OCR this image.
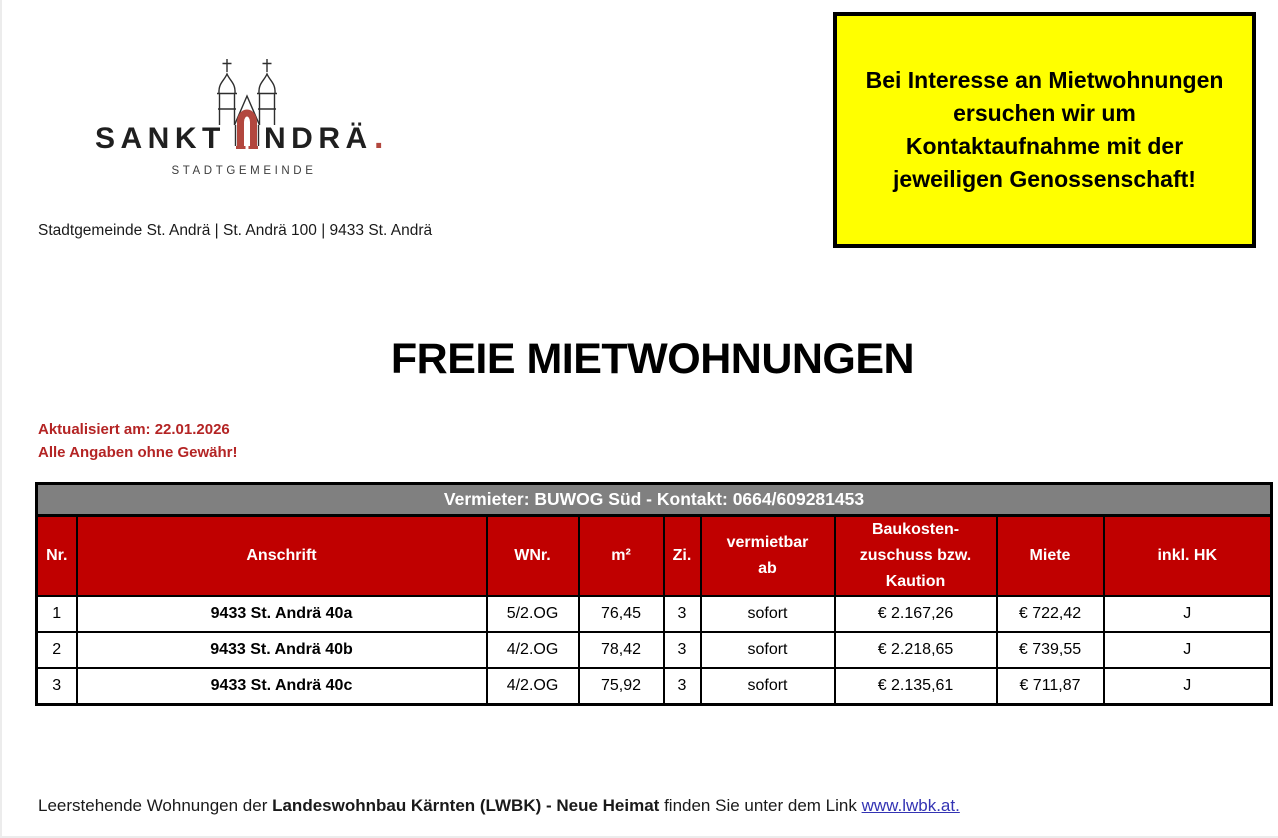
SANKT NDRÄ .
STADTGEMEINDE
Stadtgemeinde St. Andrä | St. Andrä 100 | 9433 St. Andrä
Bei Interesse an Mietwohnungen
ersuchen wir um
Kontaktaufnahme mit der
jeweiligen Genossenschaft!
FREIE MIETWOHNUNGEN
Aktualisiert am: 22.01.2026
Alle Angaben ohne Gewähr!
Vermieter: BUWOG Süd - Kontakt: 0664/609281453								
Nr.	Anschrift	WNr.	m²	Zi.	vermietbar ab	Baukosten-zuschuss bzw. Kaution	Miete	inkl. HK
1	9433 St. Andrä 40a	5/2.OG	76,45	3	sofort	€ 2.167,26	€ 722,42	J
2	9433 St. Andrä 40b	4/2.OG	78,42	3	sofort	€ 2.218,65	€ 739,55	J
3	9433 St. Andrä 40c	4/2.OG	75,92	3	sofort	€ 2.135,61	€ 711,87	J
Leerstehende Wohnungen der Landeswohnbau Kärnten (LWBK) - Neue Heimat finden Sie unter dem Link www.lwbk.at.
